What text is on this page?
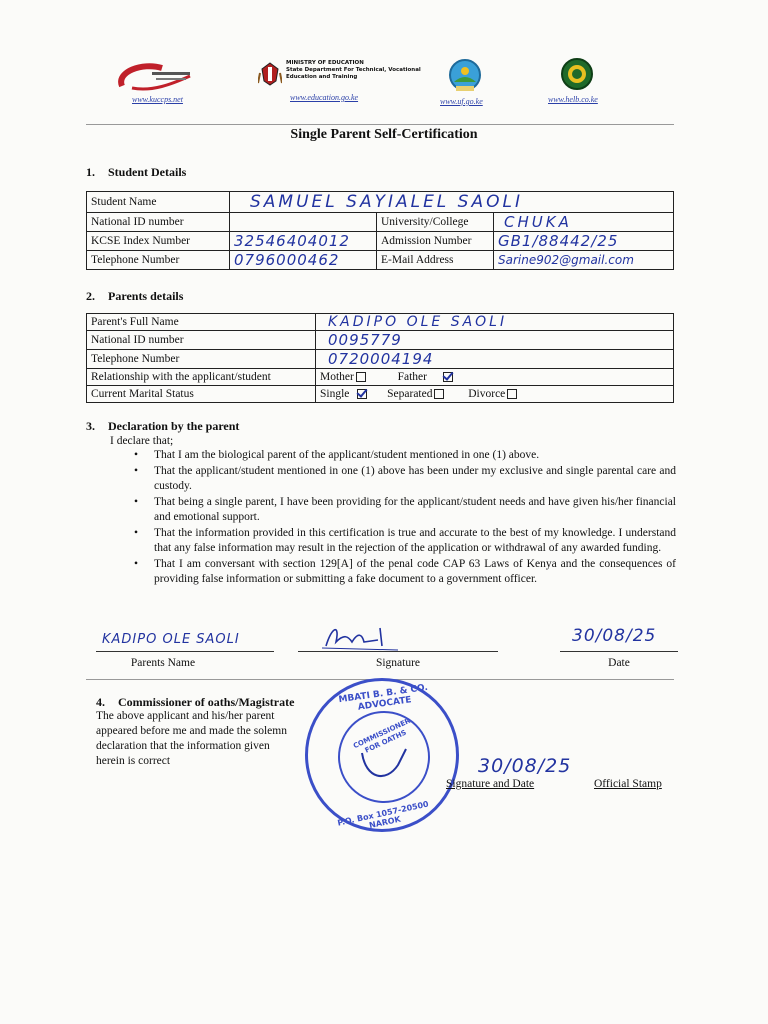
www.kuccps.net
MINISTRY OF EDUCATION
State Department For Technical, Vocational
Education and Training
www.education.go.ke	www.uf.go.ke	www.helb.co.ke
Single Parent Self-Certification
1. Student Details
Student Name	SAMUEL SAYIALEL SAOLI		
National ID number		University/College	CHUKA
KCSE Index Number	32546404012	Admission Number	GB1/88442/25
Telephone Number	0796000462	E-Mail Address	Sarine902@gmail.com
2. Parents details
Parent's Full Name	KADIPO OLE SAOLI
National ID number	0095779
Telephone Number	0720004194
Relationship with the applicant/student	Mother Father
Current Marital Status	Single Separated Divorce
3. Declaration by the parent
I declare that;
• That I am the biological parent of the applicant/student mentioned in one (1) above.
• That the applicant/student mentioned in one (1) above has been under my exclusive and single parental care and custody.
• That being a single parent, I have been providing for the applicant/student needs and have given his/her financial and emotional support.
• That the information provided in this certification is true and accurate to the best of my knowledge. I understand that any false information may result in the rejection of the application or withdrawal of any awarded funding.
• That I am conversant with section 129[A] of the penal code CAP 63 Laws of Kenya and the consequences of providing false information or submitting a fake document to a government officer.
KADIPO OLE SAOLI
Parents Name	Signature
30/08/25
Date
4. Commissioner of oaths/Magistrate
The above applicant and his/her parent
appeared before me and made the solemn
declaration that the information given
herein is correct
MBATI B. B. & CO. ADVOCATE
COMMISSIONER FOR OATHS
P.O. Box 1057-20500 NAROK
30/08/25
Signature and Date	Official Stamp
